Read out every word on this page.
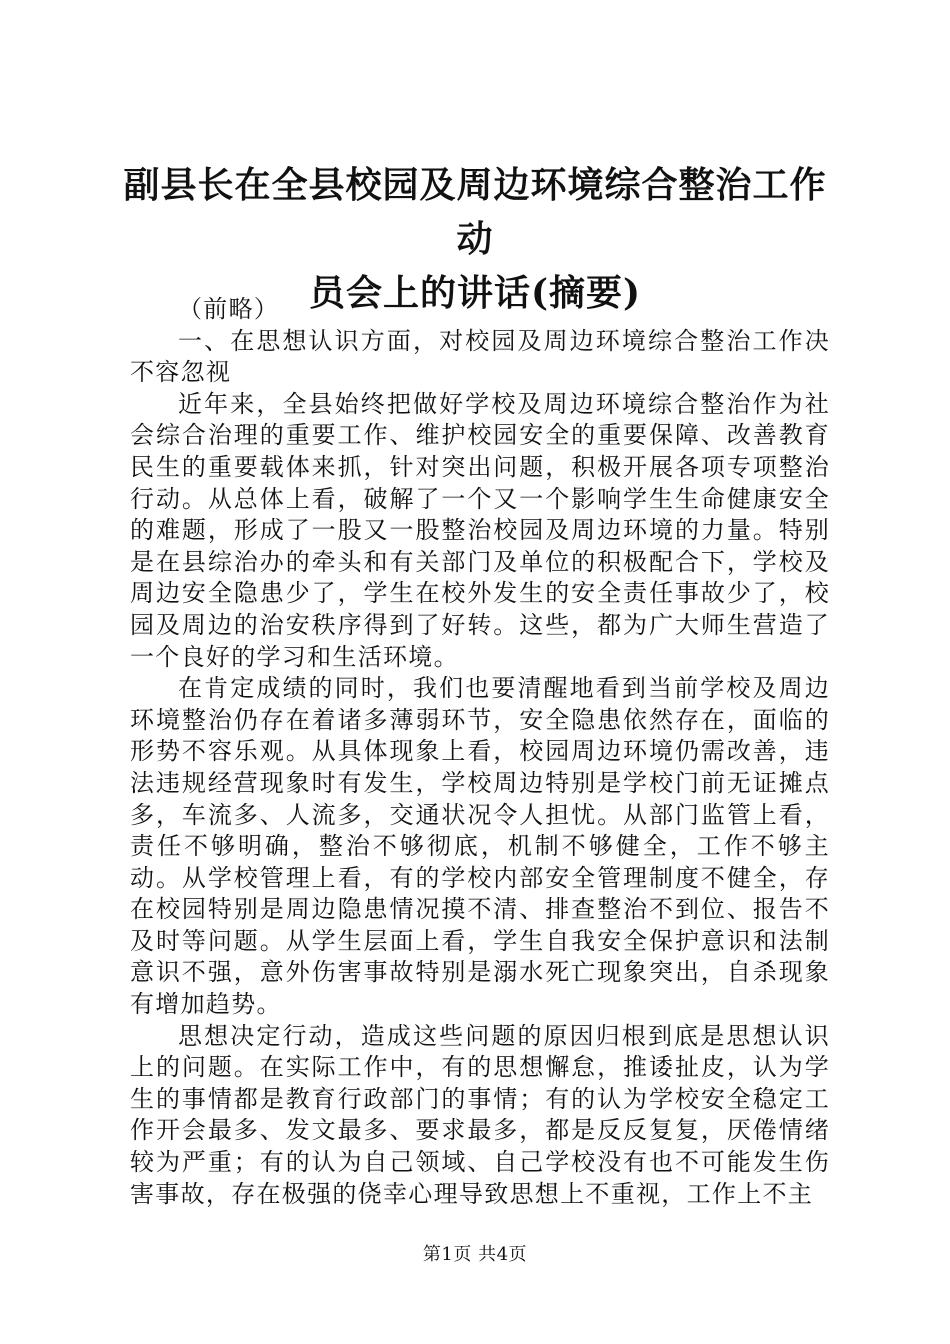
副县长在全县校园及周边环境综合整治工作动
员会上的讲话(摘要)

（前略）

一、在思想认识方面，对校园及周边环境综合整治工作决不容忽视

近年来，全县始终把做好学校及周边环境综合整治作为社会综合治理的重要工作、维护校园安全的重要保障、改善教育民生的重要载体来抓，针对突出问题，积极开展各项专项整治行动。从总体上看，破解了一个又一个影响学生生命健康安全的难题，形成了一股又一股整治校园及周边环境的力量。特别是在县综治办的牵头和有关部门及单位的积极配合下，学校及周边安全隐患少了，学生在校外发生的安全责任事故少了，校园及周边的治安秩序得到了好转。这些，都为广大师生营造了一个良好的学习和生活环境。

在肯定成绩的同时，我们也要清醒地看到当前学校及周边环境整治仍存在着诸多薄弱环节，安全隐患依然存在，面临的形势不容乐观。从具体现象上看，校园周边环境仍需改善，违法违规经营现象时有发生，学校周边特别是学校门前无证摊点多，车流多、人流多，交通状况令人担忧。从部门监管上看，责任不够明确，整治不够彻底，机制不够健全，工作不够主动。从学校管理上看，有的学校内部安全管理制度不健全，存在校园特别是周边隐患情况摸不清、排查整治不到位、报告不及时等问题。从学生层面上看，学生自我安全保护意识和法制意识不强，意外伤害事故特别是溺水死亡现象突出，自杀现象有增加趋势。

思想决定行动，造成这些问题的原因归根到底是思想认识上的问题。在实际工作中，有的思想懈怠，推诿扯皮，认为学生的事情都是教育行政部门的事情；有的认为学校安全稳定工作开会最多、发文最多、要求最多，都是反反复复，厌倦情绪较为严重；有的认为自己领域、自己学校没有也不可能发生伤害事故，存在极强的侥幸心理导致思想上不重视，工作上不主

第1页 共4页
